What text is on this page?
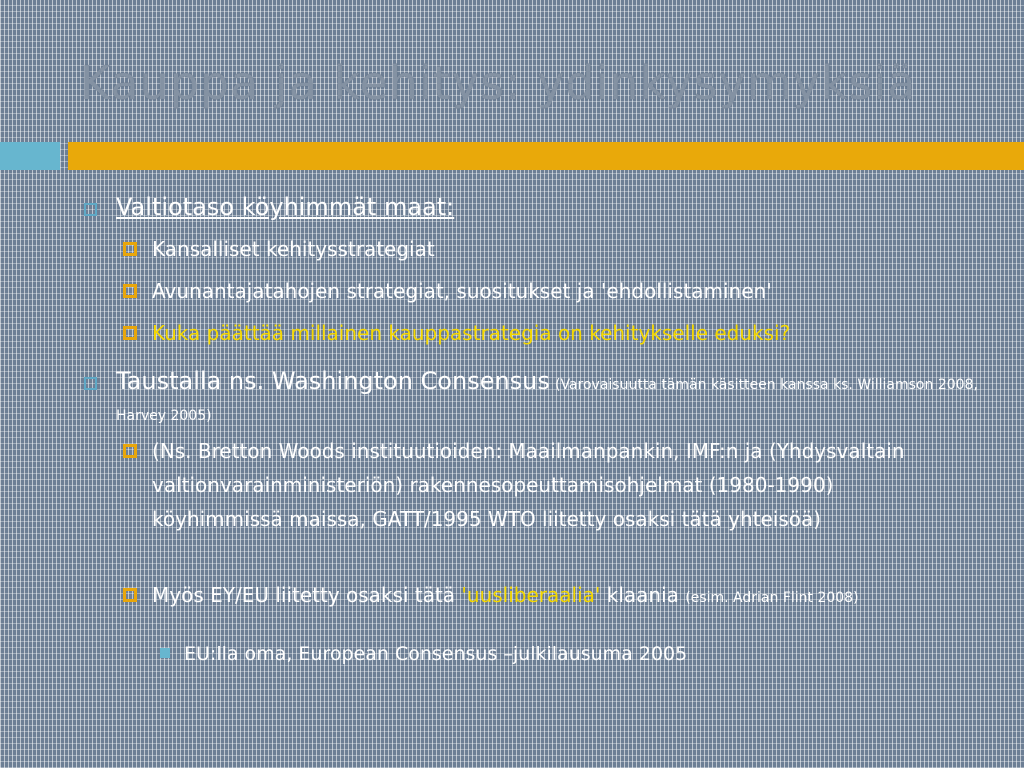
Kauppa ja kehitys: ydinkysymyksiä
Valtiotaso köyhimmät maat:
Kansalliset kehitysstrategiat
Avunantajatahojen strategiat, suositukset ja 'ehdollistaminen'
Kuka päättää millainen kauppastrategia on kehitykselle eduksi?
Taustalla ns. Washington Consensus (Varovaisuutta tämän käsitteen kanssa ks. Williamson 2008, Harvey 2005)
(Ns. Bretton Woods instituutioiden: Maailmanpankin, IMF:n ja (Yhdysvaltain valtionvarainministeriön) rakennesopeuttamisohjelmat (1980-1990) köyhimmissä maissa, GATT/1995 WTO liitetty osaksi tätä yhteisöä)
Myös EY/EU liitetty osaksi tätä 'uusliberaalia' klaania (esim. Adrian Flint 2008)
EU:lla oma, European Consensus –julkilausuma 2005
